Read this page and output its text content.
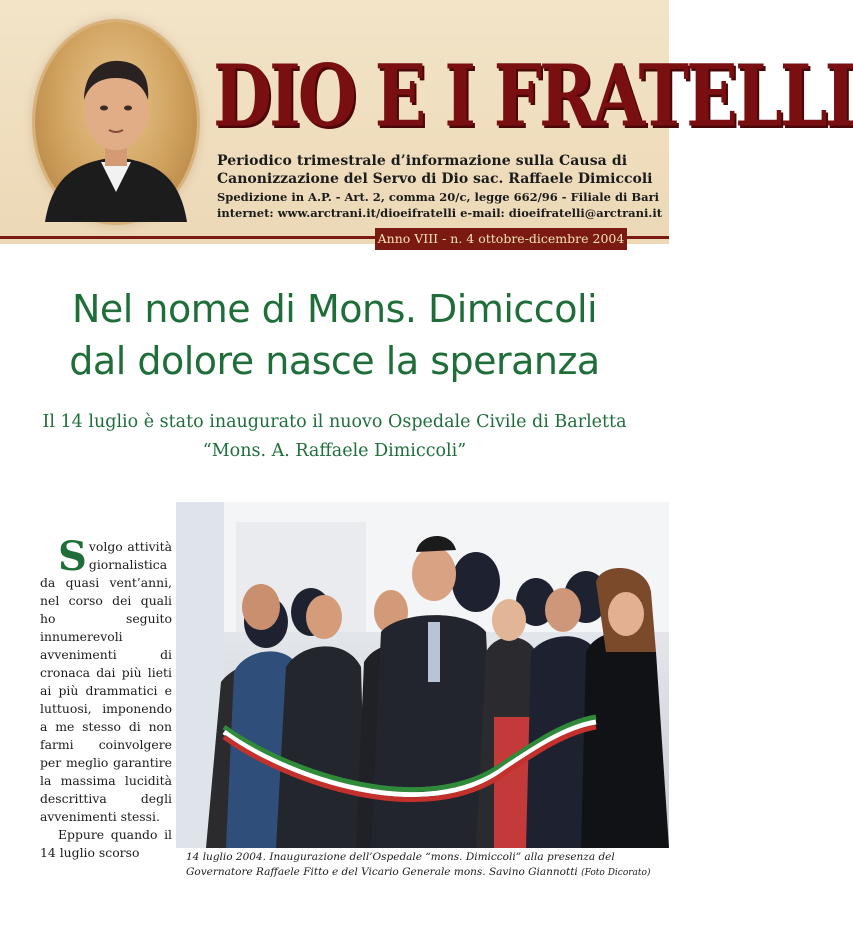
DIO E I FRATELLI
Periodico trimestrale d’informazione sulla Causa di
Canonizzazione del Servo di Dio sac. Raffaele Dimiccoli
Spedizione in A.P. - Art. 2, comma 20/c, legge 662/96 - Filiale di Bari
internet: www.arctrani.it/dioeifratelli e-mail: dioeifratelli@arctrani.it
Anno VIII - n. 4 ottobre-dicembre 2004
Nel nome di Mons. Dimiccoli
dal dolore nasce la speranza
Il 14 luglio è stato inaugurato il nuovo Ospedale Civile di Barletta
“Mons. A. Raffaele Dimiccoli”

Svolgo attività giornalistica da quasi vent’anni, nel corso dei quali ho seguito innumerevoli avvenimenti di cronaca dai più lieti ai più drammatici e luttuosi, imponendo a me stesso di non farmi coinvolgere per meglio garantire la massima lucidità descrittiva degli avvenimenti stessi.

Eppure quando il 14 luglio scorso	14 luglio 2004. Inaugurazione dell’Ospedale “mons. Dimiccoli” alla presenza del Governatore Raffaele Fitto e del Vicario Generale mons. Savino Giannotti (Foto Dicorato)
